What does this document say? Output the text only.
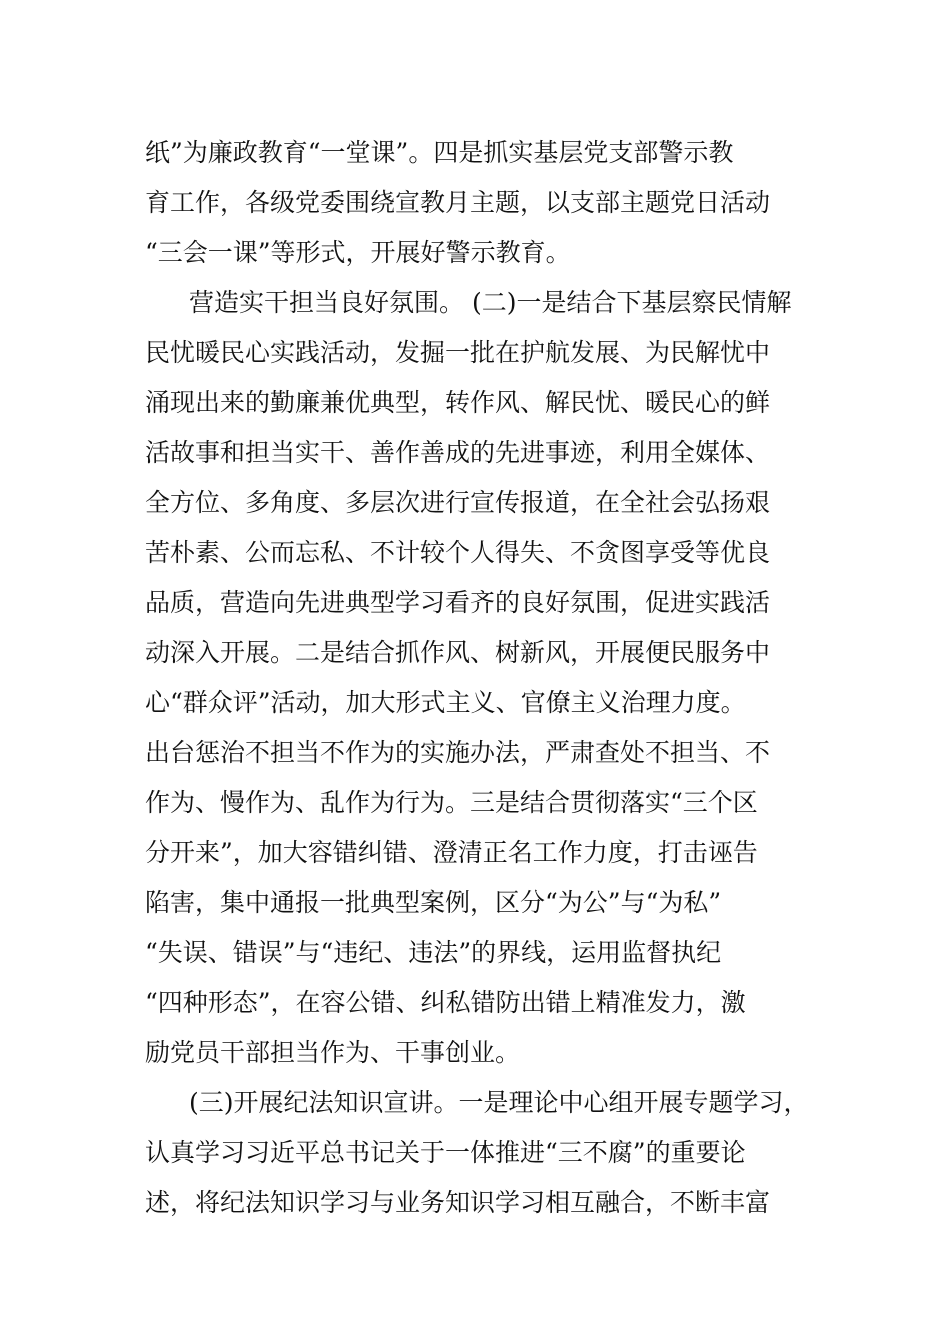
纸”为廉政教育“一堂课”。四是抓实基层党支部警示教
育工作，各级党委围绕宣教月主题，以支部主题党日活动
“三会一课”等形式，开展好警示教育。
营造实干担当良好氛围。 (二)一是结合下基层察民情解
民忧暖民心实践活动，发掘一批在护航发展、为民解忧中
涌现出来的勤廉兼优典型，转作风、解民忧、暖民心的鲜
活故事和担当实干、善作善成的先进事迹，利用全媒体、
全方位、多角度、多层次进行宣传报道，在全社会弘扬艰
苦朴素、公而忘私、不计较个人得失、不贪图享受等优良
品质，营造向先进典型学习看齐的良好氛围，促进实践活
动深入开展。二是结合抓作风、树新风，开展便民服务中
心“群众评”活动，加大形式主义、官僚主义治理力度。
出台惩治不担当不作为的实施办法，严肃查处不担当、不
作为、慢作为、乱作为行为。三是结合贯彻落实“三个区
分开来”，加大容错纠错、澄清正名工作力度，打击诬告
陷害，集中通报一批典型案例，区分“为公”与“为私”
“失误、错误”与“违纪、违法”的界线，运用监督执纪
“四种形态”，在容公错、纠私错防出错上精准发力，激
励党员干部担当作为、干事创业。
(三)开展纪法知识宣讲。一是理论中心组开展专题学习，
认真学习习近平总书记关于一体推进“三不腐”的重要论
述，将纪法知识学习与业务知识学习相互融合，不断丰富
